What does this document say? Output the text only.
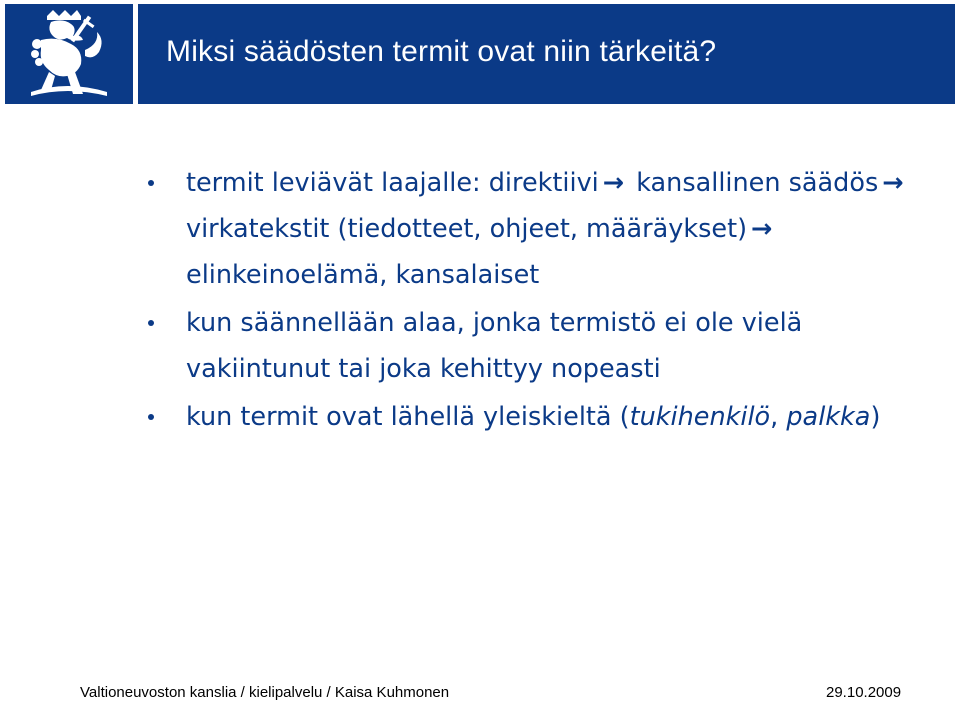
Miksi säädösten termit ovat niin tärkeitä?
termit leviävät laajalle: direktiivi → kansallinen säädös → virkatekstit (tiedotteet, ohjeet, määräykset) → elinkeinoelämä, kansalaiset
kun säännellään alaa, jonka termistö ei ole vielä vakiintunut tai joka kehittyy nopeasti
kun termit ovat lähellä yleiskieltä (tukihenkilö, palkka)
Valtioneuvoston kanslia / kielipalvelu / Kaisa Kuhmonen	29.10.2009
